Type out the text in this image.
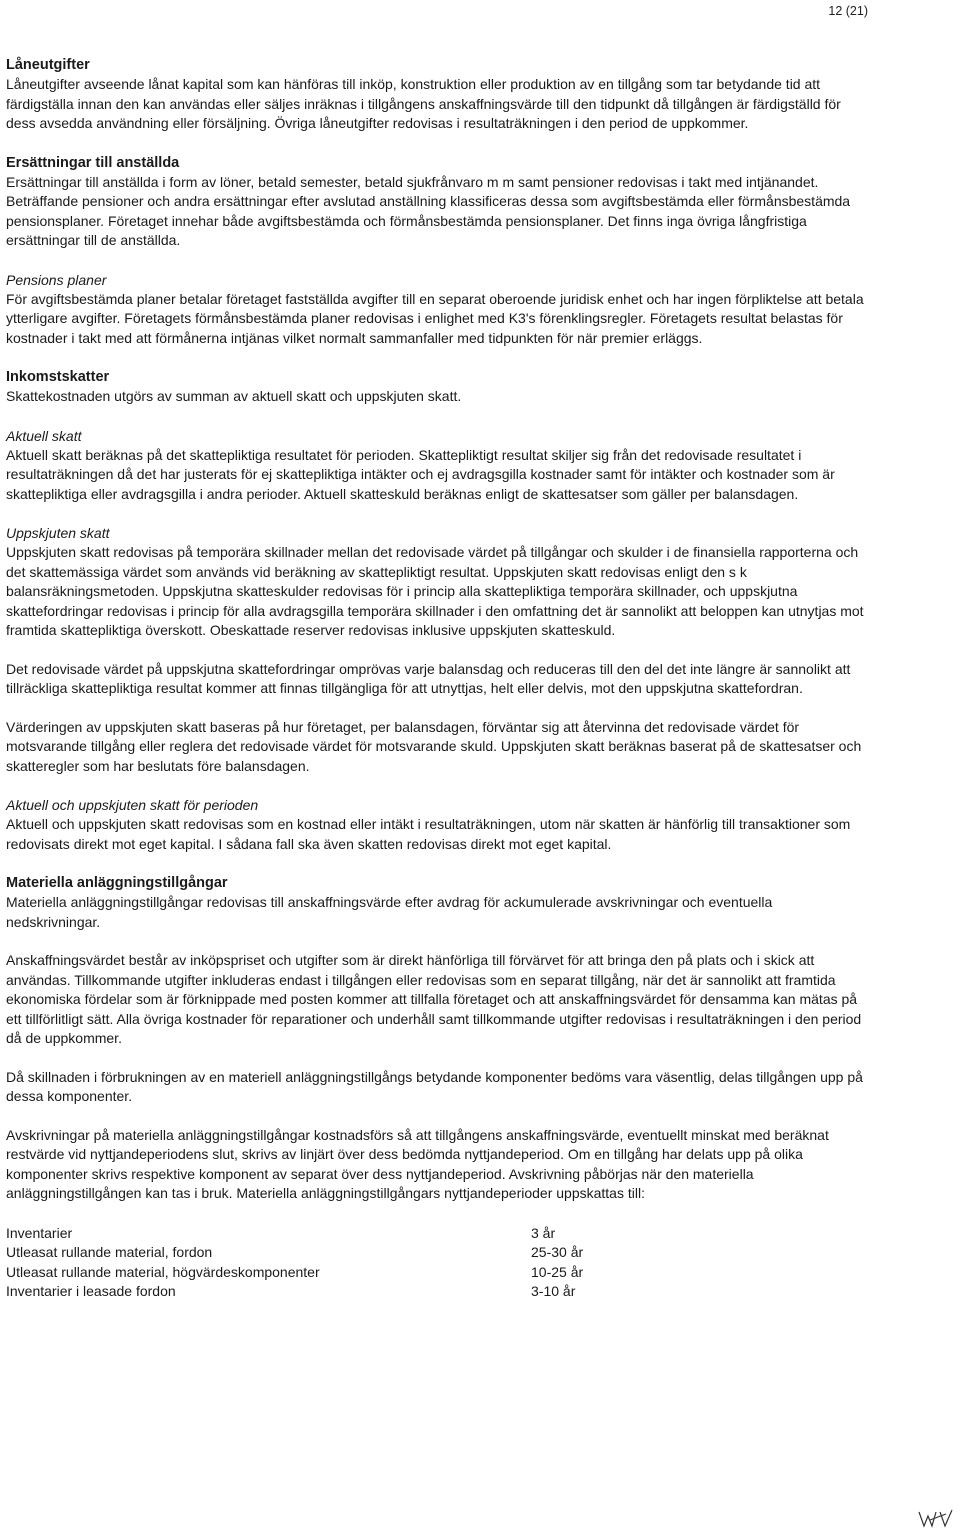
12 (21)
Låneutgifter

Låneutgifter avseende lånat kapital som kan hänföras till inköp, konstruktion eller produktion av en tillgång som tar betydande tid att färdigställa innan den kan användas eller säljes inräknas i tillgångens anskaffningsvärde till den tidpunkt då tillgången är färdigställd för dess avsedda användning eller försäljning. Övriga låneutgifter redovisas i resultaträkningen i den period de uppkommer.

Ersättningar till anställda

Ersättningar till anställda i form av löner, betald semester, betald sjukfrånvaro m m samt pensioner redovisas i takt med intjänandet. Beträffande pensioner och andra ersättningar efter avslutad anställning klassificeras dessa som avgiftsbestämda eller förmånsbestämda pensionsplaner. Företaget innehar både avgiftsbestämda och förmånsbestämda pensionsplaner. Det finns inga övriga långfristiga ersättningar till de anställda.

Pensions planer

För avgiftsbestämda planer betalar företaget fastställda avgifter till en separat oberoende juridisk enhet och har ingen förpliktelse att betala ytterligare avgifter. Företagets förmånsbestämda planer redovisas i enlighet med K3's förenklingsregler. Företagets resultat belastas för kostnader i takt med att förmånerna intjänas vilket normalt sammanfaller med tidpunkten för när premier erläggs.

Inkomstskatter

Skattekostnaden utgörs av summan av aktuell skatt och uppskjuten skatt.

Aktuell skatt

Aktuell skatt beräknas på det skattepliktiga resultatet för perioden. Skattepliktigt resultat skiljer sig från det redovisade resultatet i resultaträkningen då det har justerats för ej skattepliktiga intäkter och ej avdragsgilla kostnader samt för intäkter och kostnader som är skattepliktiga eller avdragsgilla i andra perioder. Aktuell skatteskuld beräknas enligt de skattesatser som gäller per balansdagen.

Uppskjuten skatt

Uppskjuten skatt redovisas på temporära skillnader mellan det redovisade värdet på tillgångar och skulder i de finansiella rapporterna och det skattemässiga värdet som används vid beräkning av skattepliktigt resultat. Uppskjuten skatt redovisas enligt den s k balansräkningsmetoden. Uppskjutna skatteskulder redovisas för i princip alla skattepliktiga temporära skillnader, och uppskjutna skattefordringar redovisas i princip för alla avdragsgilla temporära skillnader i den omfattning det är sannolikt att beloppen kan utnytjas mot framtida skattepliktiga överskott. Obeskattade reserver redovisas inklusive uppskjuten skatteskuld.

Det redovisade värdet på uppskjutna skattefordringar omprövas varje balansdag och reduceras till den del det inte längre är sannolikt att tillräckliga skattepliktiga resultat kommer att finnas tillgängliga för att utnyttjas, helt eller delvis, mot den uppskjutna skattefordran.

Värderingen av uppskjuten skatt baseras på hur företaget, per balansdagen, förväntar sig att återvinna det redovisade värdet för motsvarande tillgång eller reglera det redovisade värdet för motsvarande skuld. Uppskjuten skatt beräknas baserat på de skattesatser och skatteregler som har beslutats före balansdagen.

Aktuell och uppskjuten skatt för perioden

Aktuell och uppskjuten skatt redovisas som en kostnad eller intäkt i resultaträkningen, utom när skatten är hänförlig till transaktioner som redovisats direkt mot eget kapital. I sådana fall ska även skatten redovisas direkt mot eget kapital.

Materiella anläggningstillgångar

Materiella anläggningstillgångar redovisas till anskaffningsvärde efter avdrag för ackumulerade avskrivningar och eventuella nedskrivningar.

Anskaffningsvärdet består av inköpspriset och utgifter som är direkt hänförliga till förvärvet för att bringa den på plats och i skick att användas. Tillkommande utgifter inkluderas endast i tillgången eller redovisas som en separat tillgång, när det är sannolikt att framtida ekonomiska fördelar som är förknippade med posten kommer att tillfalla företaget och att anskaffningsvärdet för densamma kan mätas på ett tillförlitligt sätt. Alla övriga kostnader för reparationer och underhåll samt tillkommande utgifter redovisas i resultaträkningen i den period då de uppkommer.

Då skillnaden i förbrukningen av en materiell anläggningstillgångs betydande komponenter bedöms vara väsentlig, delas tillgången upp på dessa komponenter.

Avskrivningar på materiella anläggningstillgångar kostnadsförs så att tillgångens anskaffningsvärde, eventuellt minskat med beräknat restvärde vid nyttjandeperiodens slut, skrivs av linjärt över dess bedömda nyttjandeperiod. Om en tillgång har delats upp på olika komponenter skrivs respektive komponent av separat över dess nyttjandeperiod. Avskrivning påbörjas när den materiella anläggningstillgången kan tas i bruk. Materiella anläggningstillgångars nyttjandeperioder uppskattas till:

Inventarier	3 år
Utleasat rullande material, fordon	25-30 år
Utleasat rullande material, högvärdeskomponenter	10-25 år
Inventarier i leasade fordon	3-10 år
